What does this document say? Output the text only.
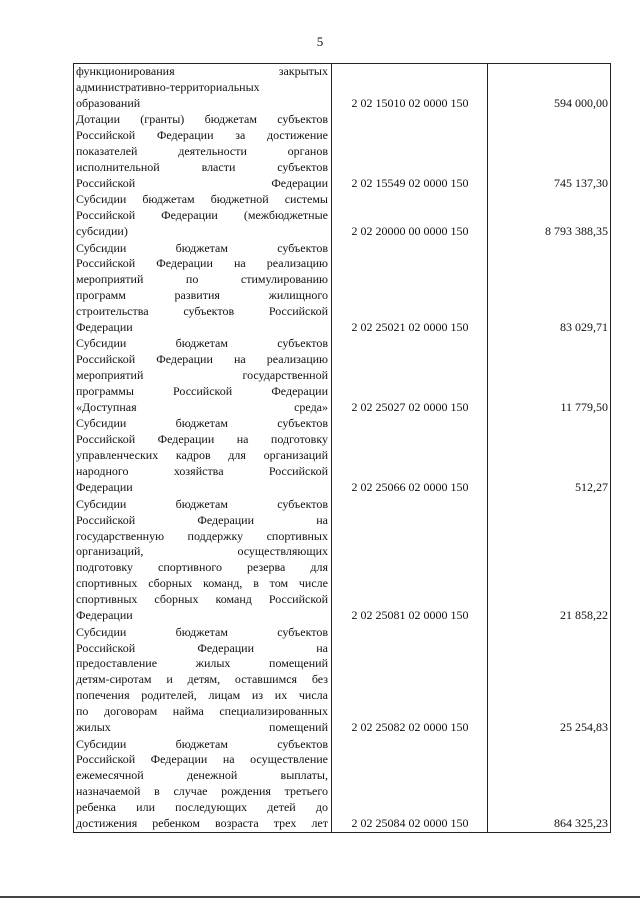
5
функционирования закрытых
административно-территориальных
образований	2 02 15010 02 0000 150	594 000,00
Дотации (гранты) бюджетам субъектов
Российской Федерации за достижение
показателей деятельности органов
исполнительной власти субъектов
Российской Федерации	2 02 15549 02 0000 150	745 137,30
Субсидии бюджетам бюджетной системы
Российской Федерации (межбюджетные
субсидии)	2 02 20000 00 0000 150	8 793 388,35
Субсидии бюджетам субъектов
Российской Федерации на реализацию
мероприятий по стимулированию
программ развития жилищного
строительства субъектов Российской
Федерации	2 02 25021 02 0000 150	83 029,71
Субсидии бюджетам субъектов
Российской Федерации на реализацию
мероприятий государственной
программы Российской Федерации
«Доступная среда»	2 02 25027 02 0000 150	11 779,50
Субсидии бюджетам субъектов
Российской Федерации на подготовку
управленческих кадров для организаций
народного хозяйства Российской
Федерации	2 02 25066 02 0000 150	512,27
Субсидии бюджетам субъектов
Российской Федерации на
государственную поддержку спортивных
организаций, осуществляющих
подготовку спортивного резерва для
спортивных сборных команд, в том числе
спортивных сборных команд Российской
Федерации	2 02 25081 02 0000 150	21 858,22
Субсидии бюджетам субъектов
Российской Федерации на
предоставление жилых помещений
детям-сиротам и детям, оставшимся без
попечения родителей, лицам из их числа
по договорам найма специализированных
жилых помещений	2 02 25082 02 0000 150	25 254,83
Субсидии бюджетам субъектов
Российской Федерации на осуществление
ежемесячной денежной выплаты,
назначаемой в случае рождения третьего
ребенка или последующих детей до
достижения ребенком возраста трех лет	2 02 25084 02 0000 150	864 325,23
